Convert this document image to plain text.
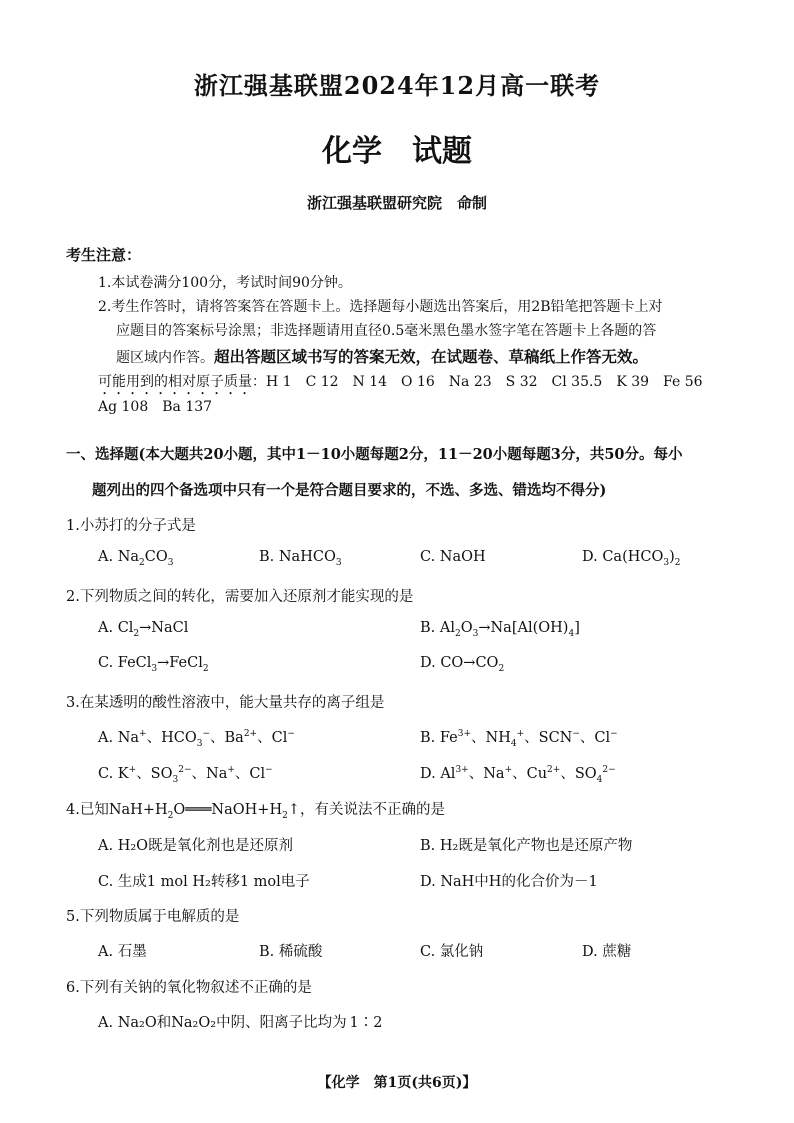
浙江强基联盟2024年12月高一联考
化学　试题
浙江强基联盟研究院　命制
考生注意：
1.本试卷满分100分，考试时间90分钟。
2.考生作答时，请将答案答在答题卡上。选择题每小题选出答案后，用2B铅笔把答题卡上对
应题目的答案标号涂黑；非选择题请用直径0.5毫米黑色墨水签字笔在答题卡上各题的答
题区域内作答。超出答题区域书写的答案无效，在试题卷、草稿纸上作答无效。
可能用到的相对原子质量：H 1　C 12　N 14　O 16　Na 23　S 32　Cl 35.5　K 39　Fe 56
Ag 108　Ba 137
一、选择题(本大题共20小题，其中1－10小题每题2分，11－20小题每题3分，共50分。每小
题列出的四个备选项中只有一个是符合题目要求的，不选、多选、错选均不得分)
1.小苏打的分子式是
A. $Na_2CO_3$	B. NaHCO$_3$	C. NaOH	D. $Ca(HCO_3)_2$
2.下列物质之间的转化，需要加入还原剂才能实现的是
A. $Cl_2\to NaCl$	B. $Al_2O_3\to Na[Al(OH)_4]$
C. FeCl$_3$→FeCl$_2$	D. $CO\to CO_2$
3.在某透明的酸性溶液中，能大量共存的离子组是
A. Na+、$HCO_3^-$、$Ba^{2+}$、Cl−	B. $Fe^{3+}$、$NH_4^+$、SCN−、Cl−
C. K+、$SO_3^{2-}$、Na+、Cl−	D. $Al^{3+}$、Na+、$Cu^{2+}$、$SO_4^{2-}$
4.已知$NaH+H_2O═══NaOH+H_2↑$，有关说法不正确的是
A. H₂O既是氧化剂也是还原剂	B. H₂既是氧化产物也是还原产物
C. 生成1 mol H₂转移1 mol电子	D. NaH中H的化合价为－1
5.下列物质属于电解质的是
A. 石墨	B. 稀硫酸	C. 氯化钠	D. 蔗糖
6.下列有关钠的氧化物叙述不正确的是
A. Na₂O和Na₂O₂中阴、阳离子比均为  1∶2
【化学　第1页(共6页)】
